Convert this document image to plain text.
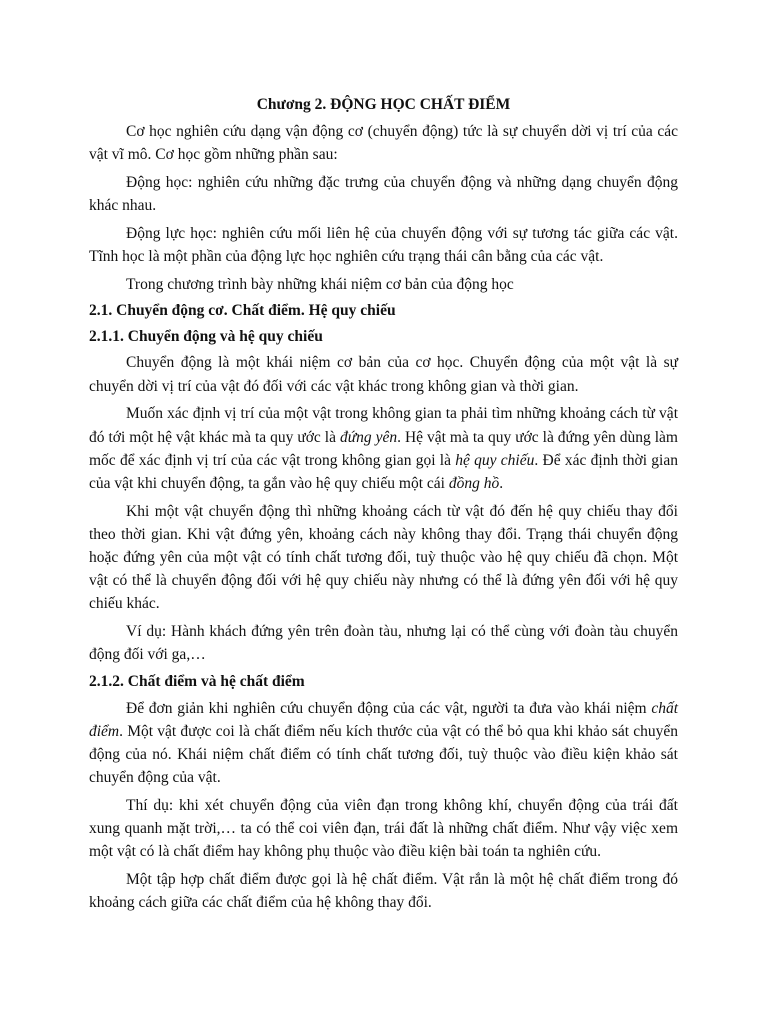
Chương 2. ĐỘNG HỌC CHẤT ĐIỂM

Cơ học nghiên cứu dạng vận động cơ (chuyển động) tức là sự chuyển dời vị trí của các vật vĩ mô. Cơ học gồm những phần sau:

Động học: nghiên cứu những đặc trưng của chuyển động và những dạng chuyển động khác nhau.

Động lực học: nghiên cứu mối liên hệ của chuyển động với sự tương tác giữa các vật. Tĩnh học là một phần của động lực học nghiên cứu trạng thái cân bằng của các vật.

Trong chương trình bày những khái niệm cơ bản của động học

2.1. Chuyển động cơ. Chất điểm. Hệ quy chiếu
2.1.1. Chuyển động và hệ quy chiếu

Chuyển động là một khái niệm cơ bản của cơ học. Chuyển động của một vật là sự chuyển dời vị trí của vật đó đối với các vật khác trong không gian và thời gian.

Muốn xác định vị trí của một vật trong không gian ta phải tìm những khoảng cách từ vật đó tới một hệ vật khác mà ta quy ước là đứng yên. Hệ vật mà ta quy ước là đứng yên dùng làm mốc để xác định vị trí của các vật trong không gian gọi là hệ quy chiếu. Để xác định thời gian của vật khi chuyển động, ta gắn vào hệ quy chiếu một cái đồng hồ.

Khi một vật chuyển động thì những khoảng cách từ vật đó đến hệ quy chiếu thay đổi theo thời gian. Khi vật đứng yên, khoảng cách này không thay đổi. Trạng thái chuyển động hoặc đứng yên của một vật có tính chất tương đối, tuỳ thuộc vào hệ quy chiếu đã chọn. Một vật có thể là chuyển động đối với hệ quy chiếu này nhưng có thể là đứng yên đối với hệ quy chiếu khác.

Ví dụ: Hành khách đứng yên trên đoàn tàu, nhưng lại có thể cùng với đoàn tàu chuyển động đối với ga,…

2.1.2. Chất điểm và hệ chất điểm

Để đơn giản khi nghiên cứu chuyển động của các vật, người ta đưa vào khái niệm chất điểm. Một vật được coi là chất điểm nếu kích thước của vật có thể bỏ qua khi khảo sát chuyển động của nó. Khái niệm chất điểm có tính chất tương đối, tuỳ thuộc vào điều kiện khảo sát chuyển động của vật.

Thí dụ: khi xét chuyển động của viên đạn trong không khí, chuyển động của trái đất xung quanh mặt trời,… ta có thể coi viên đạn, trái đất là những chất điểm. Như vậy việc xem một vật có là chất điểm hay không phụ thuộc vào điều kiện bài toán ta nghiên cứu.

Một tập hợp chất điểm được gọi là hệ chất điểm. Vật rắn là một hệ chất điểm trong đó khoảng cách giữa các chất điểm của hệ không thay đổi.
